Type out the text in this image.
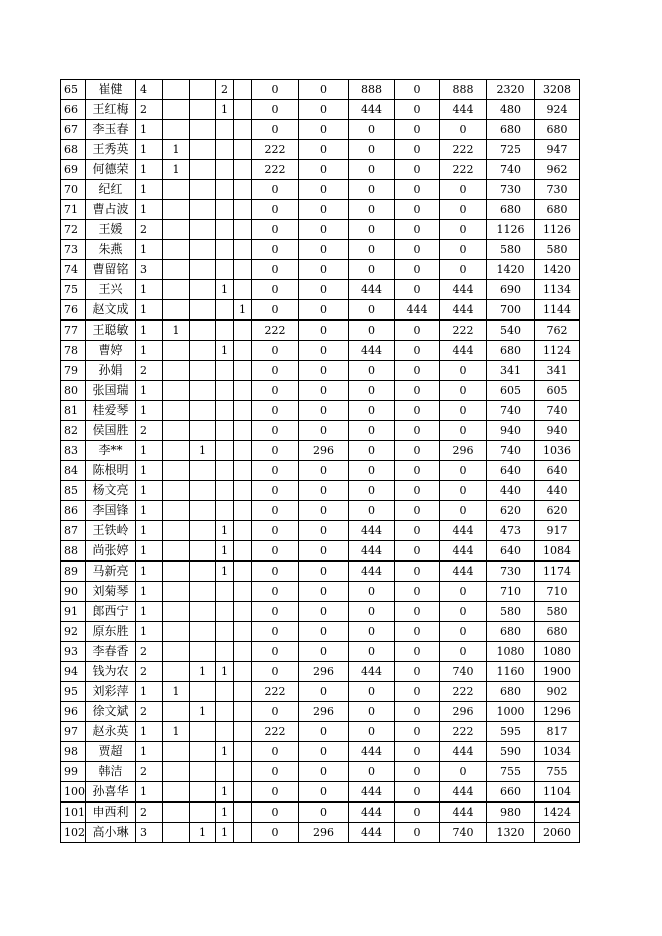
65	崔健	4			2		0	0	888	0	888	2320	3208
66	王红梅	2			1		0	0	444	0	444	480	924
67	李玉春	1					0	0	0	0	0	680	680
68	王秀英	1	1				222	0	0	0	222	725	947
69	何德荣	1	1				222	0	0	0	222	740	962
70	纪红	1					0	0	0	0	0	730	730
71	曹占波	1					0	0	0	0	0	680	680
72	王媛	2					0	0	0	0	0	1126	1126
73	朱燕	1					0	0	0	0	0	580	580
74	曹留铭	3					0	0	0	0	0	1420	1420
75	王兴	1			1		0	0	444	0	444	690	1134
76	赵文成	1				1	0	0	0	444	444	700	1144
77	王聪敏	1	1				222	0	0	0	222	540	762
78	曹婷	1			1		0	0	444	0	444	680	1124
79	孙娟	2					0	0	0	0	0	341	341
80	张国瑞	1					0	0	0	0	0	605	605
81	桂爱琴	1					0	0	0	0	0	740	740
82	侯国胜	2					0	0	0	0	0	940	940
83	李**	1		1			0	296	0	0	296	740	1036
84	陈根明	1					0	0	0	0	0	640	640
85	杨文亮	1					0	0	0	0	0	440	440
86	李国锋	1					0	0	0	0	0	620	620
87	王铁岭	1			1		0	0	444	0	444	473	917
88	尚张婷	1			1		0	0	444	0	444	640	1084
89	马新亮	1			1		0	0	444	0	444	730	1174
90	刘菊琴	1					0	0	0	0	0	710	710
91	郎西宁	1					0	0	0	0	0	580	580
92	原东胜	1					0	0	0	0	0	680	680
93	李春香	2					0	0	0	0	0	1080	1080
94	钱为农	2		1	1		0	296	444	0	740	1160	1900
95	刘彩萍	1	1				222	0	0	0	222	680	902
96	徐文斌	2		1			0	296	0	0	296	1000	1296
97	赵永英	1	1				222	0	0	0	222	595	817
98	贾超	1			1		0	0	444	0	444	590	1034
99	韩洁	2					0	0	0	0	0	755	755
100	孙喜华	1			1		0	0	444	0	444	660	1104
101	申西利	2			1		0	0	444	0	444	980	1424
102	高小琳	3		1	1		0	296	444	0	740	1320	2060
